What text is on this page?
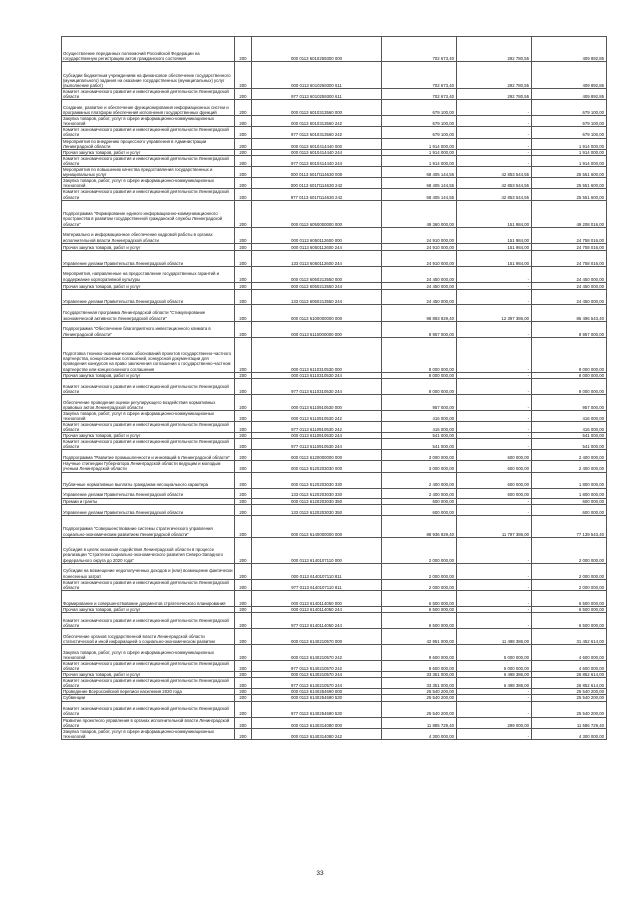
Осуществление переданных полномочий Российской Федерации на государственную регистрацию актов гражданского состояния	200	000 0113 6010259300 000	702 673,40	292 780,55	409 892,85
Субсидии бюджетным учреждениям на финансовое обеспечение государственного (муниципального) задания на оказание государственных (муниципальных) услуг (выполнение работ)	200	000 0113 6010259300 611	702 673,40	292 780,55	409 892,85
Комитет экономического развития и инвестиционной деятельности Ленинградской области	200	977 0113 6010259300 611	702 673,40	292 780,55	409 892,85
Создание, развитие и обеспечение функционирования информационных систем и программных платформ обеспечения исполнения государственных функций	200	000 0113 6010313560 000	679 100,00	-	679 100,00
Закупка товаров, работ, услуг в сфере информационно-коммуникационных технологий	200	000 0113 6010313560 242	679 100,00	-	679 100,00
Комитет экономического развития и инвестиционной деятельности Ленинградской области	200	977 0113 6010313560 242	679 100,00	-	679 100,00
Мероприятия по внедрению процессного управления в Администрации Ленинградской области	200	000 0113 6010414440 000	1 914 000,00	-	1 914 000,00
Прочая закупка товаров, работ и услуг	200	000 0113 6010414440 244	1 914 000,00	-	1 914 000,00
Комитет экономического развития и инвестиционной деятельности Ленинградской области	200	977 0113 6010414440 244	1 914 000,00	-	1 914 000,00
Мероприятия по повышению качества предоставления государственных и муниципальных услуг	200	000 0113 601П114630 000	68 405 144,55	42 853 544,55	25 551 600,00
Закупка товаров, работ, услуг в сфере информационно-коммуникационных технологий	200	000 0113 601П114630 242	68 405 144,55	42 853 544,55	25 551 600,00
Комитет экономического развития и инвестиционной деятельности Ленинградской области	200	977 0113 601П114630 242	68 405 144,55	42 853 544,55	25 551 600,00
Подпрограмма "Формирование единого информационно-коммуникационного пространства в развитии государственной гражданской службы Ленинградской области"	200	000 0113 6050000000 000	49 360 000,00	151 984,00	49 208 016,00
Материально и информационное обеспечение кадровой работы в органах исполнительной власти Ленинградской области	200	000 0113 6050112600 000	24 910 000,00	151 984,00	24 758 016,00
Прочая закупка товаров, работ и услуг	200	000 0113 6050112600 244	24 910 000,00	151 984,00	24 758 016,00
Управление делами Правительства Ленинградской области	200	133 0113 6050112600 244	24 910 000,00	151 984,00	24 758 016,00
Мероприятия, направленные на предоставление государственных гарантий и поддержание корпоративной культуры	200	000 0113 6050213550 000	24 450 000,00	-	24 450 000,00
Прочая закупка товаров, работ и услуг	200	000 0113 6050213550 244	24 450 000,00	-	24 450 000,00
Управление делами Правительства Ленинградской области	200	133 0113 6050213550 244	24 450 000,00	-	24 450 000,00
Государственная программа Ленинградской области "Стимулирование экономической активности Ленинградской области"	200	000 0113 6100000000 000	98 893 929,40	12 397 386,00	86 496 543,40
Подпрограмма "Обеспечение благоприятного инвестиционного климата в Ленинградской области"	200	000 0113 6110000000 000	8 957 000,00	-	8 957 000,00
Подготовка технико-экономических обоснований проектов государственно-частного партнерства, концессионных соглашений, конкурсной документации для проведения конкурсов на право заключения соглашения о государственно-частном партнерстве или концессионного соглашения	200	000 0113 6110310530 000	8 000 000,00	-	8 000 000,00
Прочая закупка товаров, работ и услуг	200	000 0113 6110310530 244	8 000 000,00	-	8 000 000,00
Комитет экономического развития и инвестиционной деятельности Ленинградской области	200	977 0113 6110310530 244	8 000 000,00	-	8 000 000,00
Обеспечение проведения оценки регулирующего воздействия нормативных правовых актов Ленинградской области	200	000 0113 6110910530 000	957 000,00	-	957 000,00
Закупка товаров, работ, услуг в сфере информационно-коммуникационных технологий	200	000 0113 6110910530 242	416 000,00	-	416 000,00
Комитет экономического развития и инвестиционной деятельности Ленинградской области	200	977 0113 6110910530 242	416 000,00	-	416 000,00
Прочая закупка товаров, работ и услуг	200	000 0113 6110910530 244	541 000,00	-	541 000,00
Комитет экономического развития и инвестиционной деятельности Ленинградской области	200	977 0113 6110910530 244	541 000,00	-	541 000,00
Подпрограмма "Развитие промышленности и инноваций в Ленинградской области"	200	000 0113 6120000000 000	3 000 000,00	600 000,00	2 400 000,00
Научные стипендии Губернатора Ленинградской области ведущим и молодым ученым Ленинградской области	200	000 0113 6120203030 000	3 000 000,00	600 000,00	2 400 000,00
Публичные нормативные выплаты гражданам несоциального характера	200	000 0113 6120203030 330	2 400 000,00	600 000,00	1 800 000,00
Управление делами Правительства Ленинградской области	200	133 0113 6120203030 330	2 400 000,00	600 000,00	1 800 000,00
Премии и гранты	200	000 0113 6120203030 350	600 000,00	-	600 000,00
Управление делами Правительства Ленинградской области	200	133 0113 6120203030 350	600 000,00	-	600 000,00
Подпрограмма "Совершенствование системы стратегического управления социально-экономическим развитием Ленинградской области"	200	000 0113 6140000000 000	88 936 929,40	11 797 386,00	77 139 543,40
Субсидия в целях оказания содействия Ленинградской области в процессе реализации "Стратегии социально-экономического развития Северо-Западного федерального округа до 2020 года"	200	000 0113 6140107110 000	2 000 000,00	-	2 000 000,00
Субсидии на возмещение недополученных доходов и (или) возмещение фактически понесенных затрат	200	000 0113 6140107110 811	2 000 000,00	-	2 000 000,00
Комитет экономического развития и инвестиционной деятельности Ленинградской области	200	977 0113 6140107110 811	2 000 000,00	-	2 000 000,00
Формирование и совершенствование документов стратегического планирования	200	000 0113 6140114050 000	6 500 000,00	-	6 500 000,00
Прочая закупка товаров, работ и услуг	200	000 0113 6140114050 244	6 500 000,00	-	6 500 000,00
Комитет экономического развития и инвестиционной деятельности Ленинградской области	200	977 0113 6140114050 244	6 500 000,00	-	6 500 000,00
Обеспечение органов государственной власти Ленинградской области статистической и иной информацией о социально-экономическом развитии	200	000 0113 6140210570 000	42 951 000,00	11 498 386,00	31 452 614,00
Закупка товаров, работ, услуг в сфере информационно-коммуникационных технологий	200	000 0113 6140210570 242	9 600 000,00	5 000 000,00	4 600 000,00
Комитет экономического развития и инвестиционной деятельности Ленинградской области	200	977 0113 6140210570 242	9 600 000,00	5 000 000,00	4 600 000,00
Прочая закупка товаров, работ и услуг	200	000 0113 6140210570 244	33 351 000,00	6 498 386,00	26 852 614,00
Комитет экономического развития и инвестиционной деятельности Ленинградской области	200	977 0113 6140210570 244	33 351 000,00	6 498 386,00	26 852 614,00
Проведение Всероссийской переписи населения 2020 года	200	000 0113 6140254690 000	25 540 200,00	-	25 540 200,00
Субвенции	200	000 0113 6140254690 530	25 540 200,00	-	25 540 200,00
Комитет экономического развития и инвестиционной деятельности Ленинградской области	200	977 0113 6140254690 530	25 540 200,00	-	25 540 200,00
Развитие проектного управления в органах исполнительной власти Ленинградской области	200	000 0113 6140314080 000	11 885 729,40	299 000,00	11 586 729,40
Закупка товаров, работ, услуг в сфере информационно-коммуникационных технологий	200	000 0113 6140314080 242	4 300 000,00	-	4 300 000,00
33
